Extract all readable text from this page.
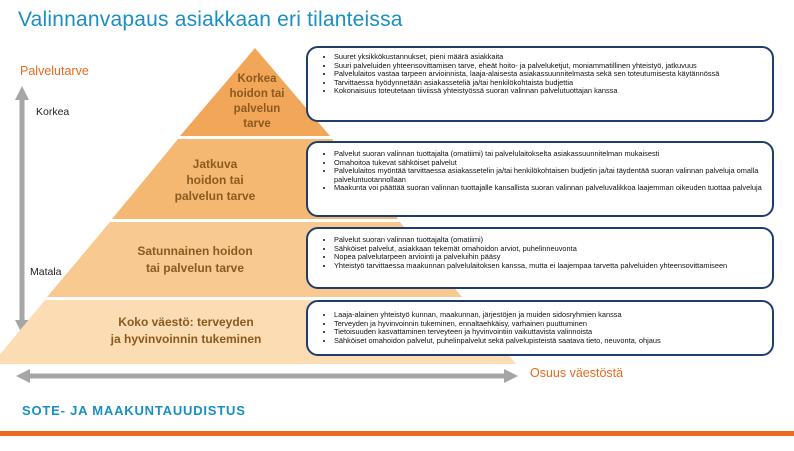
Valinnanvapaus asiakkaan eri tilanteissa
Palvelutarve
Korkea
Matala
Korkea
hoidon tai
palvelun
tarve
Jatkuva
hoidon tai
palvelun tarve
Satunnainen hoidon
tai palvelun tarve
Koko väestö: terveyden
ja hyvinvoinnin tukeminen
• Suuret yksikkökustannukset, pieni määrä asiakkaita
• Suuri palveluiden yhteensovittamisen tarve, eheät hoito- ja palveluketjut, moniammatillinen yhteistyö, jatkuvuus
• Palvelulaitos vastaa tarpeen arvioinnista, laaja-alaisesta asiakassuunnitelmasta sekä sen toteutumisesta käytännössä
• Tarvittaessa hyödynnetään asiakasseteliä ja/tai henkilökohtaista budjettia
• Kokonaisuus toteutetaan tiiviissä yhteistyössä suoran valinnan palvelutuottajan kanssa
• Palvelut suoran valinnan tuottajalta (omatiimi) tai palvelulaitokselta asiakassuunnitelman mukaisesti
• Omahoitoa tukevat sähköiset palvelut
• Palvelulaitos myöntää tarvittaessa asiakassetelin ja/tai henkilökohtaisen budjetin ja/tai täydentää suoran valinnan palveluja omalla palveluntuotannollaan
• Maakunta voi päättää suoran valinnan tuottajalle kansallista suoran valinnan palveluvalikkoa laajemman oikeuden tuottaa palveluja
• Palvelut suoran valinnan tuottajalta (omatiimi)
• Sähköiset palvelut, asiakkaan tekemät omahoidon arviot, puhelinneuvonta
• Nopea palvelutarpeen arviointi ja palveluihin pääsy
• Yhteistyö tarvittaessa maakunnan palvelulaitoksen kanssa, mutta ei laajempaa tarvetta palveluiden yhteensovittamiseen
• Laaja-alainen yhteistyö kunnan, maakunnan, järjestöjen ja muiden sidosryhmien kanssa
• Terveyden ja hyvinvoinnin tukeminen, ennaltaehkäisy, varhainen puuttuminen
• Tietoisuuden kasvattaminen terveyteen ja hyvinvointiin vaikuttavista valinnoista
• Sähköiset omahoidon palvelut, puhelinpalvelut sekä palvelupisteistä saatava tieto, neuvonta, ohjaus
Osuus väestöstä
SOTE- JA MAAKUNTAUUDISTUS
